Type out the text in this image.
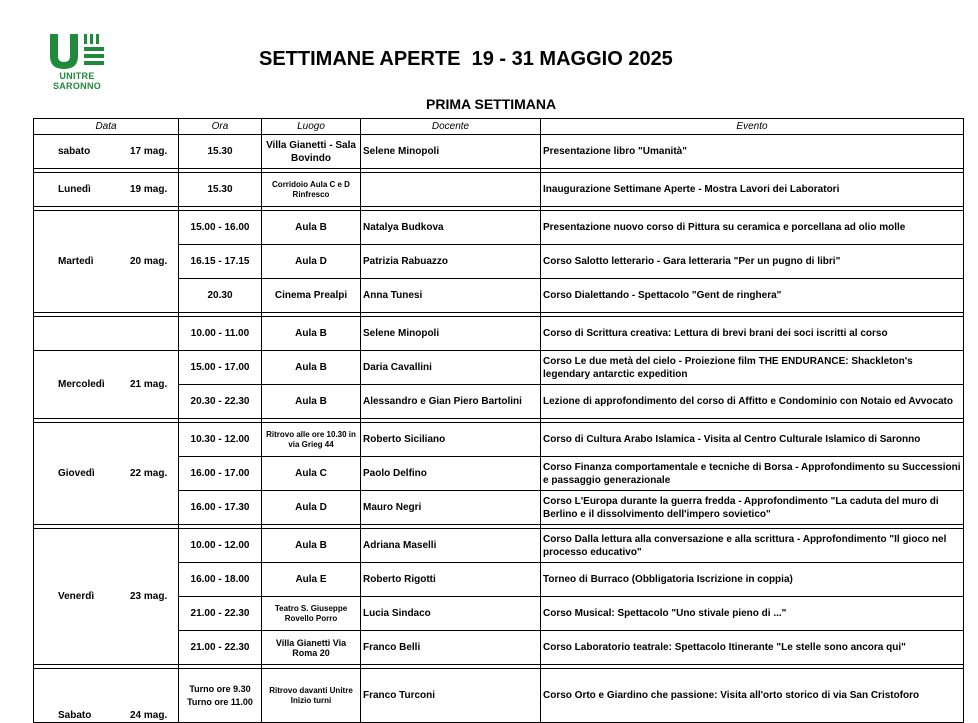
UNITRE
SARONNO
SETTIMANE APERTE  19 - 31 MAGGIO 2025
PRIMA SETTIMANA
Data	Ora	Luogo	Docente	Evento
sabato 17 mag.	15.30	Villa Gianetti - Sala Bovindo	Selene Minopoli	Presentazione libro "Umanità"

Lunedì 19 mag.	15.30	Corridoio Aula C e D Rinfresco		Inaugurazione Settimane Aperte - Mostra Lavori dei Laboratori

Martedì 20 mag.	15.00 - 16.00	Aula B	Natalya Budkova	Presentazione nuovo corso di Pittura su ceramica e porcellana ad olio molle
	16.15 - 17.15	Aula D	Patrizia Rabuazzo	Corso Salotto letterario - Gara letteraria "Per un pugno di libri"
	20.30	Cinema Prealpi	Anna Tunesi	Corso Dialettando - Spettacolo "Gent de ringhera"

	10.00 - 11.00	Aula B	Selene Minopoli	Corso di Scrittura creativa: Lettura di brevi brani dei soci iscritti al corso
Mercoledì 21 mag.	15.00 - 17.00	Aula B	Daria Cavallini	Corso Le due metà del cielo - Proiezione film THE ENDURANCE: Shackleton's legendary antarctic expedition
	20.30 - 22.30	Aula B	Alessandro e Gian Piero Bartolini	Lezione di approfondimento del corso di Affitto e Condominio con Notaio ed Avvocato

Giovedì 22 mag.	10.30 - 12.00	Ritrovo alle ore 10.30 in via Grieg 44	Roberto Siciliano	Corso di Cultura Arabo Islamica - Visita al Centro Culturale Islamico di Saronno
	16.00 - 17.00	Aula C	Paolo Delfino	Corso Finanza comportamentale e tecniche di Borsa - Approfondimento su Successioni e passaggio generazionale
	16.00 - 17.30	Aula D	Mauro Negri	Corso L'Europa durante la guerra fredda - Approfondimento "La caduta del muro di Berlino e il dissolvimento dell'impero sovietico"

Venerdì 23 mag.	10.00 - 12.00	Aula B	Adriana Maselli	Corso Dalla lettura alla conversazione e alla scrittura - Approfondimento "Il gioco nel processo educativo"
	16.00 - 18.00	Aula E	Roberto Rigotti	Torneo di Burraco (Obbligatoria Iscrizione in coppia)
	21.00 - 22.30	Teatro S. Giuseppe Rovello Porro	Lucia Sindaco	Corso Musical: Spettacolo "Uno stivale pieno di ..."
	21.00 - 22.30	Villa Gianetti Via Roma 20	Franco Belli	Corso Laboratorio teatrale: Spettacolo Itinerante "Le stelle sono ancora qui"

Sabato 24 mag.	Turno ore 9.30 Turno ore 11.00	Ritrovo davanti Unitre Inizio turni	Franco Turconi	Corso Orto e Giardino che passione: Visita all'orto storico di via San Cristoforo
